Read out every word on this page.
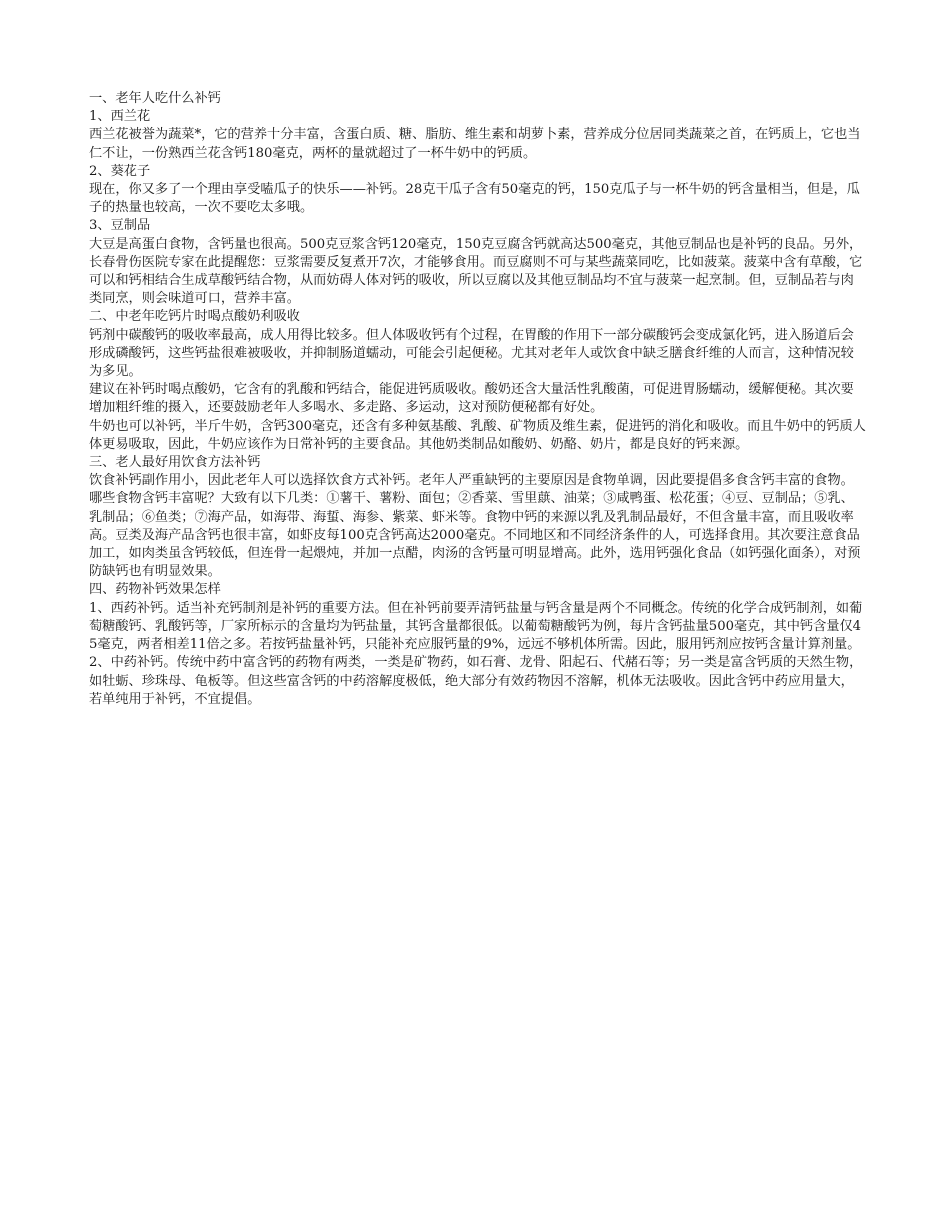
一、老年人吃什么补钙
1、西兰花
西兰花被誉为蔬菜*，它的营养十分丰富，含蛋白质、糖、脂肪、维生素和胡萝卜素，营养成分位居同类蔬菜之首，在钙质上，它也当仁不让，一份熟西兰花含钙180毫克，两杯的量就超过了一杯牛奶中的钙质。
2、葵花子
现在，你又多了一个理由享受嗑瓜子的快乐——补钙。28克干瓜子含有50毫克的钙，150克瓜子与一杯牛奶的钙含量相当，但是，瓜子的热量也较高，一次不要吃太多哦。
3、豆制品
大豆是高蛋白食物，含钙量也很高。500克豆浆含钙120毫克，150克豆腐含钙就高达500毫克，其他豆制品也是补钙的良品。另外，长春骨伤医院专家在此提醒您：豆浆需要反复煮开7次，才能够食用。而豆腐则不可与某些蔬菜同吃，比如菠菜。菠菜中含有草酸，它可以和钙相结合生成草酸钙结合物，从而妨碍人体对钙的吸收，所以豆腐以及其他豆制品均不宜与菠菜一起烹制。但，豆制品若与肉类同烹，则会味道可口，营养丰富。
二、中老年吃钙片时喝点酸奶利吸收
钙剂中碳酸钙的吸收率最高，成人用得比较多。但人体吸收钙有个过程，在胃酸的作用下一部分碳酸钙会变成氯化钙，进入肠道后会形成磷酸钙，这些钙盐很难被吸收，并抑制肠道蠕动，可能会引起便秘。尤其对老年人或饮食中缺乏膳食纤维的人而言，这种情况较为多见。
建议在补钙时喝点酸奶，它含有的乳酸和钙结合，能促进钙质吸收。酸奶还含大量活性乳酸菌，可促进胃肠蠕动，缓解便秘。其次要增加粗纤维的摄入，还要鼓励老年人多喝水、多走路、多运动，这对预防便秘都有好处。
牛奶也可以补钙，半斤牛奶，含钙300毫克，还含有多种氨基酸、乳酸、矿物质及维生素，促进钙的消化和吸收。而且牛奶中的钙质人体更易吸取，因此，牛奶应该作为日常补钙的主要食品。其他奶类制品如酸奶、奶酪、奶片，都是良好的钙来源。
三、老人最好用饮食方法补钙
饮食补钙副作用小，因此老年人可以选择饮食方式补钙。老年人严重缺钙的主要原因是食物单调，因此要提倡多食含钙丰富的食物。
哪些食物含钙丰富呢？大致有以下几类：①薯干、薯粉、面包；②香菜、雪里蕻、油菜；③咸鸭蛋、松花蛋；④豆、豆制品；⑤乳、乳制品；⑥鱼类；⑦海产品，如海带、海蜇、海参、紫菜、虾米等。食物中钙的来源以乳及乳制品最好，不但含量丰富，而且吸收率高。豆类及海产品含钙也很丰富，如虾皮每100克含钙高达2000毫克。不同地区和不同经济条件的人，可选择食用。其次要注意食品加工，如肉类虽含钙较低，但连骨一起煨炖，并加一点醋，肉汤的含钙量可明显增高。此外，选用钙强化食品（如钙强化面条），对预防缺钙也有明显效果。
四、药物补钙效果怎样
1、西药补钙。适当补充钙制剂是补钙的重要方法。但在补钙前要弄清钙盐量与钙含量是两个不同概念。传统的化学合成钙制剂，如葡萄糖酸钙、乳酸钙等，厂家所标示的含量均为钙盐量，其钙含量都很低。以葡萄糖酸钙为例，每片含钙盐量500毫克，其中钙含量仅45毫克，两者相差11倍之多。若按钙盐量补钙，只能补充应服钙量的9%，远远不够机体所需。因此，服用钙剂应按钙含量计算剂量。
2、中药补钙。传统中药中富含钙的药物有两类，一类是矿物药，如石膏、龙骨、阳起石、代赭石等；另一类是富含钙质的天然生物，如牡蛎、珍珠母、龟板等。但这些富含钙的中药溶解度极低，绝大部分有效药物因不溶解，机体无法吸收。因此含钙中药应用量大，若单纯用于补钙，不宜提倡。
